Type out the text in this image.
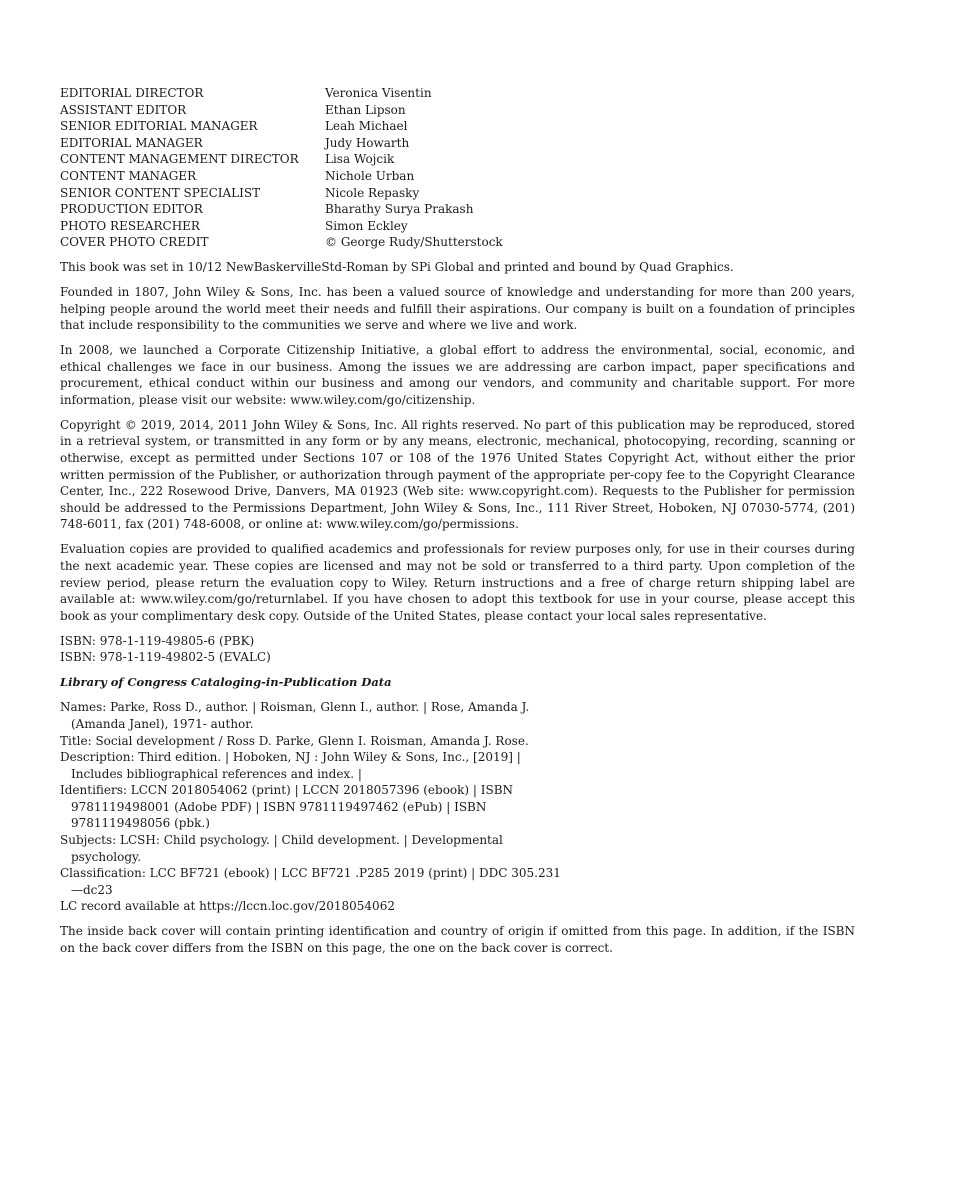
EDITORIAL DIRECTOR	Veronica Visentin
ASSISTANT EDITOR	Ethan Lipson
SENIOR EDITORIAL MANAGER	Leah Michael
EDITORIAL MANAGER	Judy Howarth
CONTENT MANAGEMENT DIRECTOR	Lisa Wojcik
CONTENT MANAGER	Nichole Urban
SENIOR CONTENT SPECIALIST	Nicole Repasky
PRODUCTION EDITOR	Bharathy Surya Prakash
PHOTO RESEARCHER	Simon Eckley
COVER PHOTO CREDIT	© George Rudy/Shutterstock

This book was set in 10/12 NewBaskervilleStd-Roman by SPi Global and printed and bound by Quad Graphics.

Founded in 1807, John Wiley & Sons, Inc. has been a valued source of knowledge and understanding for more than 200 years, helping people around the world meet their needs and fulfill their aspirations. Our company is built on a foundation of principles that include responsibility to the communities we serve and where we live and work.

In 2008, we launched a Corporate Citizenship Initiative, a global effort to address the environmental, social, economic, and ethical challenges we face in our business. Among the issues we are addressing are carbon impact, paper specifications and procurement, ethical conduct within our business and among our vendors, and community and charitable support. For more information, please visit our website: www.wiley.com/go/citizenship.

Copyright © 2019, 2014, 2011 John Wiley & Sons, Inc. All rights reserved. No part of this publication may be reproduced, stored in a retrieval system, or transmitted in any form or by any means, electronic, mechanical, photocopying, recording, scanning or otherwise, except as permitted under Sections 107 or 108 of the 1976 United States Copyright Act, without either the prior written permission of the Publisher, or authorization through payment of the appropriate per-copy fee to the Copyright Clearance Center, Inc., 222 Rosewood Drive, Danvers, MA 01923 (Web site: www.copyright.com). Requests to the Publisher for permission should be addressed to the Permissions Department, John Wiley & Sons, Inc., 111 River Street, Hoboken, NJ 07030-5774, (201) 748-6011, fax (201) 748-6008, or online at: www.wiley.com/go/permissions.

Evaluation copies are provided to qualified academics and professionals for review purposes only, for use in their courses during the next academic year. These copies are licensed and may not be sold or transferred to a third party. Upon completion of the review period, please return the evaluation copy to Wiley. Return instructions and a free of charge return shipping label are available at: www.wiley.com/go/returnlabel. If you have chosen to adopt this textbook for use in your course, please accept this book as your complimentary desk copy. Outside of the United States, please contact your local sales representative.

ISBN: 978-1-119-49805-6 (PBK)
ISBN: 978-1-119-49802-5 (EVALC)
Library of Congress Cataloging-in-Publication Data
Names: Parke, Ross D., author. | Roisman, Glenn I., author. | Rose, Amanda J. (Amanda Janel), 1971- author.
Title: Social development / Ross D. Parke, Glenn I. Roisman, Amanda J. Rose.
Description: Third edition. | Hoboken, NJ : John Wiley & Sons, Inc., [2019] | Includes bibliographical references and index. |
Identifiers: LCCN 2018054062 (print) | LCCN 2018057396 (ebook) | ISBN 9781119498001 (Adobe PDF) | ISBN 9781119497462 (ePub) | ISBN 9781119498056 (pbk.)
Subjects: LCSH: Child psychology. | Child development. | Developmental psychology.
Classification: LCC BF721 (ebook) | LCC BF721 .P285 2019 (print) | DDC 305.231—dc23
LC record available at https://lccn.loc.gov/2018054062

The inside back cover will contain printing identification and country of origin if omitted from this page. In addition, if the ISBN on the back cover differs from the ISBN on this page, the one on the back cover is correct.
